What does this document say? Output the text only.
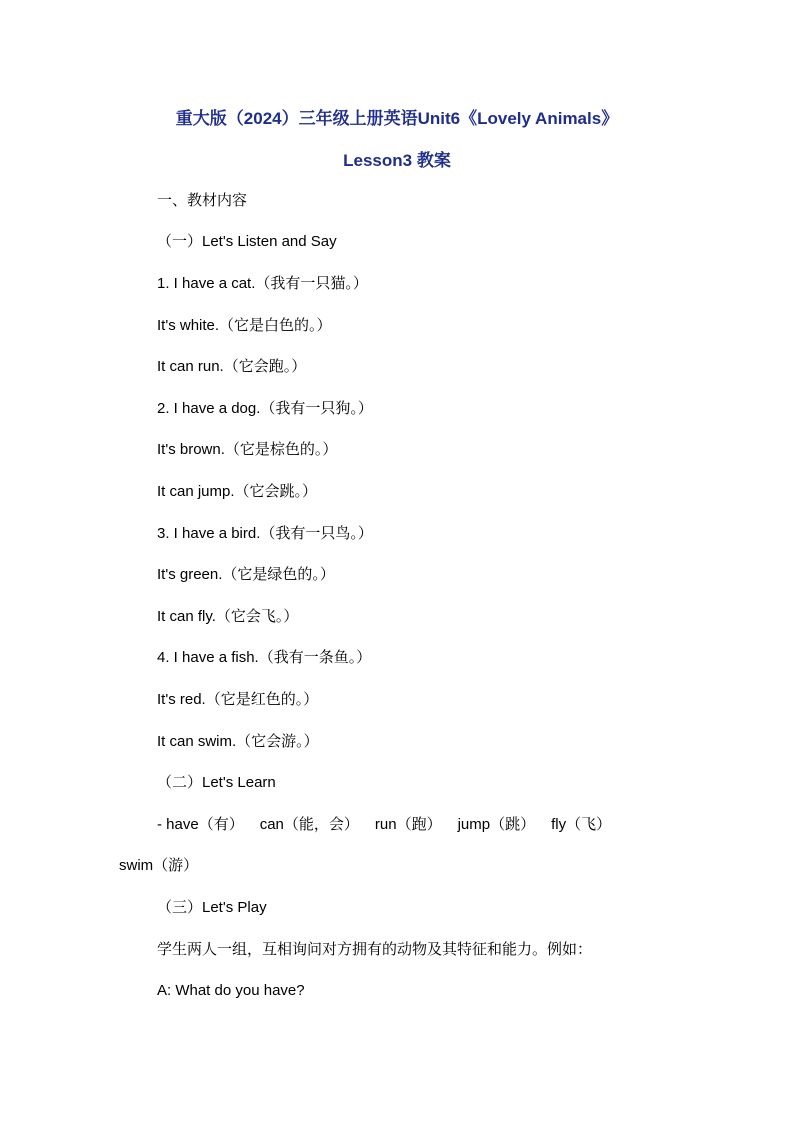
重大版（2024）三年级上册英语Unit6《Lovely Animals》
Lesson3 教案
一、教材内容
（一）Let's Listen and Say
1. I have a cat.（我有一只猫。）
It's white.（它是白色的。）
It can run.（它会跑。）
2. I have a dog.（我有一只狗。）
It's brown.（它是棕色的。）
It can jump.（它会跳。）
3. I have a bird.（我有一只鸟。）
It's green.（它是绿色的。）
It can fly.（它会飞。）
4. I have a fish.（我有一条鱼。）
It's red.（它是红色的。）
It can swim.（它会游。）
（二）Let's Learn
- have（有） can（能，会） run（跑） jump（跳） fly（飞）
swim（游）
（三）Let's Play
学生两人一组，互相询问对方拥有的动物及其特征和能力。例如：
A: What do you have?
